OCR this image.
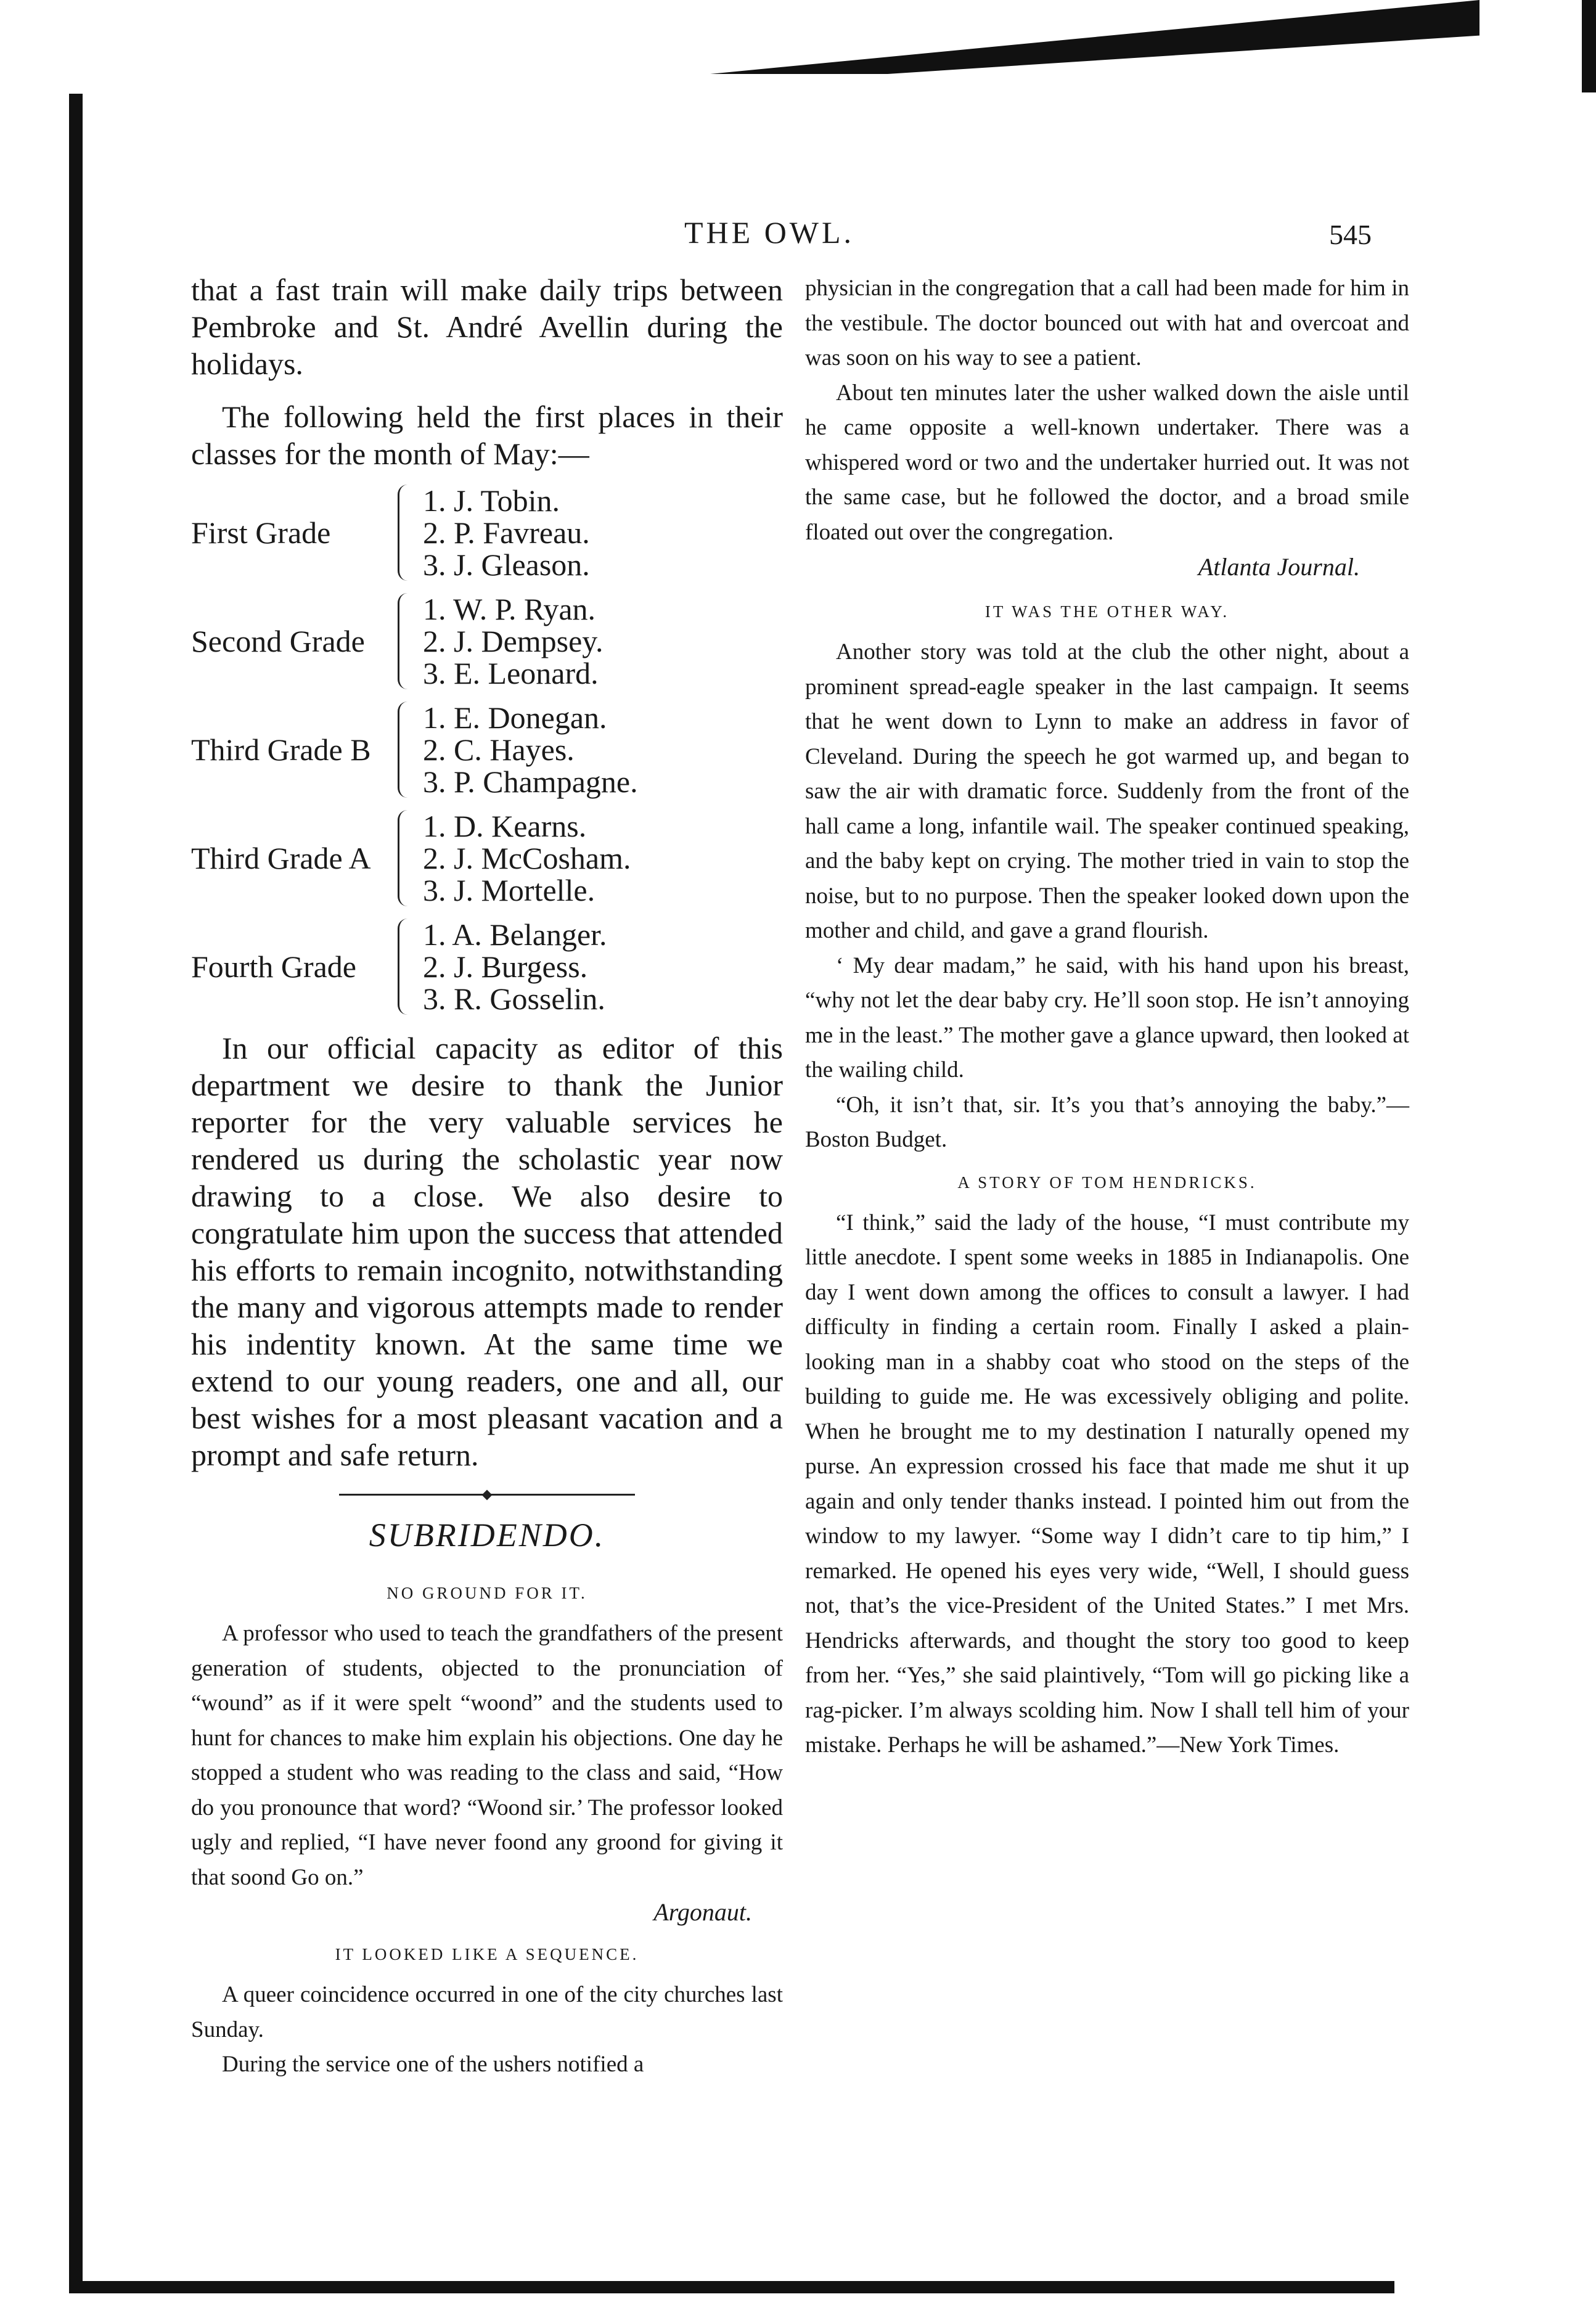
THE OWL.	545

that a fast train will make daily trips between Pembroke and St. André Avellin during the holidays.

The following held the first places in their classes for the month of May:—

First Grade
1. J. Tobin.
2. P. Favreau.
3. J. Gleason.
Second Grade
1. W. P. Ryan.
2. J. Dempsey.
3. E. Leonard.
Third Grade B
1. E. Donegan.
2. C. Hayes.
3. P. Champagne.
Third Grade A
1. D. Kearns.
2. J. McCosham.
3. J. Mortelle.
Fourth Grade
1. A. Belanger.
2. J. Burgess.
3. R. Gosselin.

In our official capacity as editor of this department we desire to thank the Junior reporter for the very valuable services he rendered us during the scholastic year now drawing to a close. We also desire to congratulate him upon the success that attended his efforts to remain incognito, notwithstanding the many and vigorous attempts made to render his indentity known. At the same time we extend to our young readers, one and all, our best wishes for a most pleasant vacation and a prompt and safe return.

SUBRIDENDO.
NO GROUND FOR IT.

A professor who used to teach the grandfathers of the present generation of students, objected to the pronunciation of “wound” as if it were spelt “woond” and the students used to hunt for chances to make him explain his objections. One day he stopped a student who was reading to the class and said, “How do you pronounce that word? “Woond sir.’ The professor looked ugly and replied, “I have never foond any groond for giving it that soond Go on.”

Argonaut.

IT LOOKED LIKE A SEQUENCE.

A queer coincidence occurred in one of the city churches last Sunday.

During the service one of the ushers notified a

physician in the congregation that a call had been made for him in the vestibule. The doctor bounced out with hat and overcoat and was soon on his way to see a patient.

About ten minutes later the usher walked down the aisle until he came opposite a well-known undertaker. There was a whispered word or two and the undertaker hurried out. It was not the same case, but he followed the doctor, and a broad smile floated out over the congregation.

Atlanta Journal.

IT WAS THE OTHER WAY.

Another story was told at the club the other night, about a prominent spread-eagle speaker in the last campaign. It seems that he went down to Lynn to make an address in favor of Cleveland. During the speech he got warmed up, and began to saw the air with dramatic force. Suddenly from the front of the hall came a long, infantile wail. The speaker continued speaking, and the baby kept on crying. The mother tried in vain to stop the noise, but to no purpose. Then the speaker looked down upon the mother and child, and gave a grand flourish.

‘ My dear madam,” he said, with his hand upon his breast, “why not let the dear baby cry. He’ll soon stop. He isn’t annoying me in the least.” The mother gave a glance upward, then looked at the wailing child.

“Oh, it isn’t that, sir. It’s you that’s annoying the baby.”—Boston Budget.

A STORY OF TOM HENDRICKS.

“I think,” said the lady of the house, “I must contribute my little anecdote. I spent some weeks in 1885 in Indianapolis. One day I went down among the offices to consult a lawyer. I had difficulty in finding a certain room. Finally I asked a plain-looking man in a shabby coat who stood on the steps of the building to guide me. He was excessively obliging and polite. When he brought me to my destination I naturally opened my purse. An expression crossed his face that made me shut it up again and only tender thanks instead. I pointed him out from the window to my lawyer. “Some way I didn’t care to tip him,” I remarked. He opened his eyes very wide, “Well, I should guess not, that’s the vice-President of the United States.” I met Mrs. Hendricks afterwards, and thought the story too good to keep from her. “Yes,” she said plaintively, “Tom will go picking like a rag-picker. I’m always scolding him. Now I shall tell him of your mistake. Perhaps he will be ashamed.”—New York Times.
